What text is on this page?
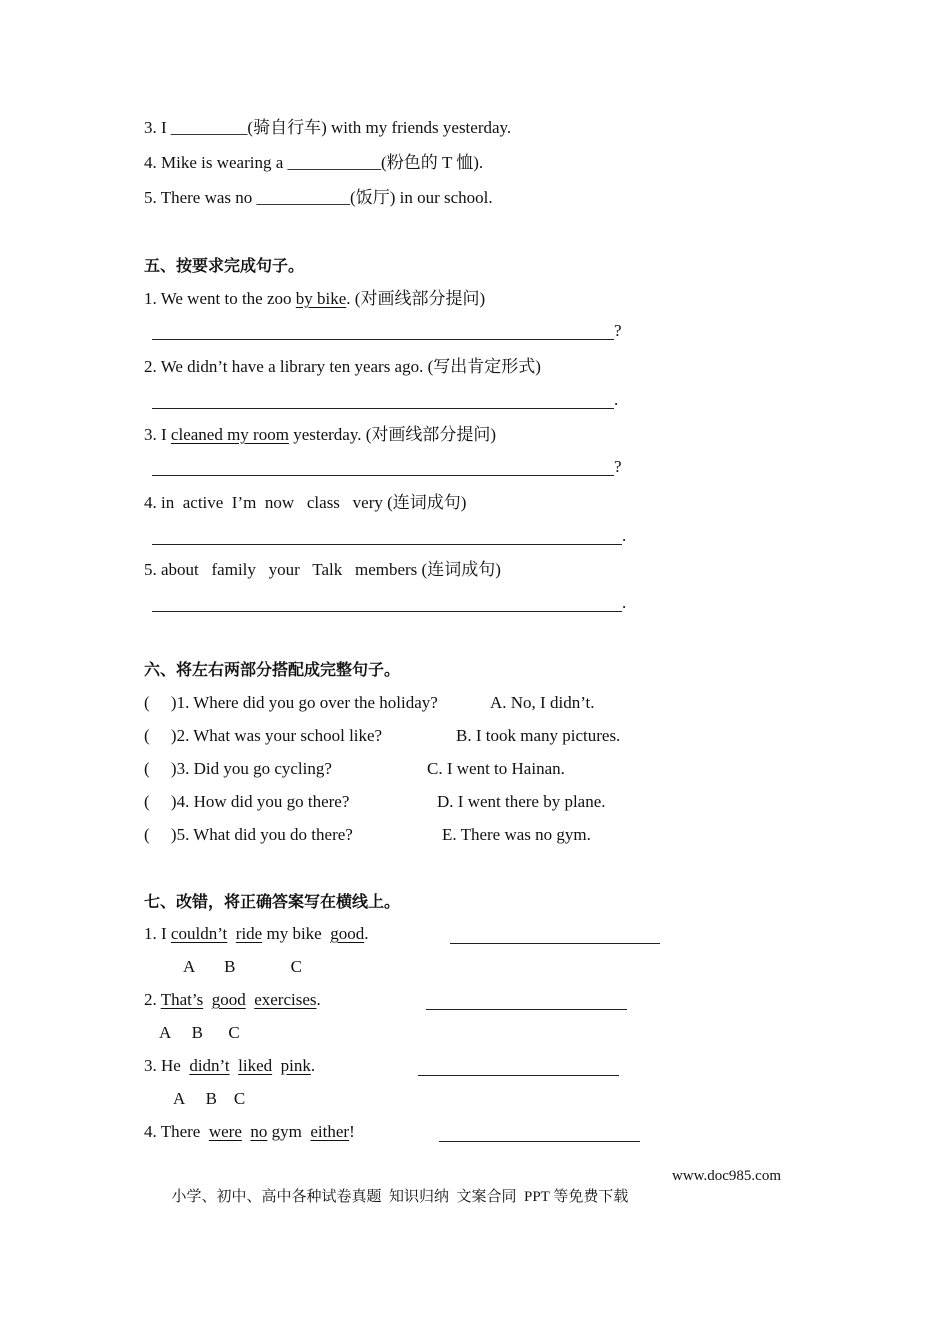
3. I _________(骑自行车) with my friends yesterday.
4. Mike is wearing a ___________(粉色的 T 恤).
5. There was no ___________(饭厅) in our school.
五、按要求完成句子。
1. We went to the zoo by bike. (对画线部分提问)
?
2. We didn’t have a library ten years ago. (写出肯定形式)
.
3. I cleaned my room yesterday. (对画线部分提问)
?
4. in  active  I’m  now   class   very (连词成句)
.
5. about   family   your   Talk   members (连词成句)
.
六、将左右两部分搭配成完整句子。
(     )1. Where did you go over the holiday?	A. No, I didn’t.
(     )2. What was your school like?	B. I took many pictures.
(     )3. Did you go cycling?	C. I went to Hainan.
(     )4. How did you go there?	D. I went there by plane.
(     )5. What did you do there?	E. There was no gym.
七、改错，将正确答案写在横线上。
1. I couldn’t ride my bike  good.
A       B             C
2. That’s good exercises.
A     B      C
3. He  didn’t liked pink.
A     B    C
4. There  were no gym  either!

小学、初中、高中各种试卷真题  知识归纳  文案合同  PPT 等免费下载

www.doc985.com
